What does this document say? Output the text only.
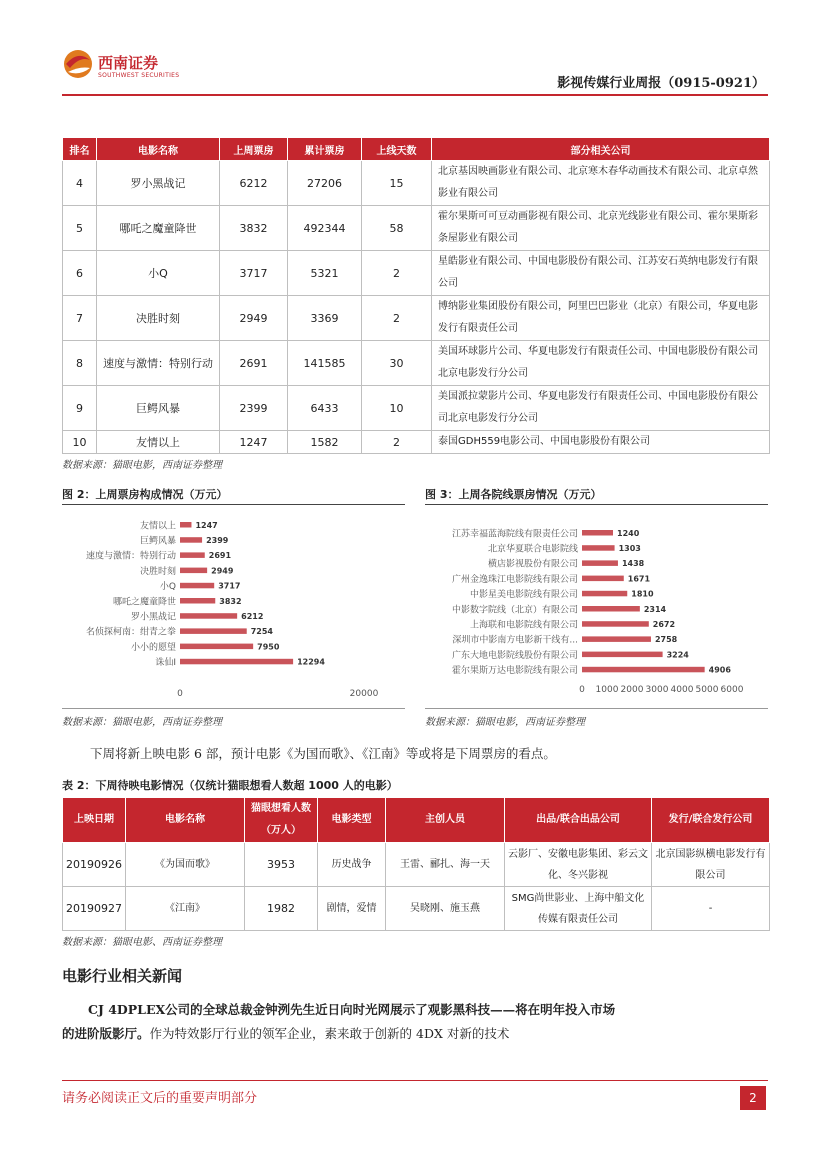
西南证券
SOUTHWEST SECURITIES
影视传媒行业周报（0915-0921）
排名	电影名称	上周票房	累计票房	上线天数	部分相关公司
4	罗小黑战记	6212	27206	15	北京基因映画影业有限公司、北京寒木春华动画技术有限公司、北京卓然影业有限公司
5	哪吒之魔童降世	3832	492344	58	霍尔果斯可可豆动画影视有限公司、北京光线影业有限公司、霍尔果斯彩条屋影业有限公司
6	小Q	3717	5321	2	星皓影业有限公司、中国电影股份有限公司、江苏安石英纳电影发行有限公司
7	决胜时刻	2949	3369	2	博纳影业集团股份有限公司，阿里巴巴影业（北京）有限公司，华夏电影发行有限责任公司
8	速度与激情：特别行动	2691	141585	30	美国环球影片公司、华夏电影发行有限责任公司、中国电影股份有限公司北京电影发行分公司
9	巨鳄风暴	2399	6433	10	美国派拉蒙影片公司、华夏电影发行有限责任公司、中国电影股份有限公司北京电影发行分公司
10	友情以上	1247	1582	2	泰国GDH559电影公司、中国电影股份有限公司
数据来源：猫眼电影，西南证券整理
图 2：上周票房构成情况（万元）
友情以上 1247
巨鳄风暴	2399
速度与激情：特别行动	2691
决胜时刻	2949
小Q	3717
哪吒之魔童降世	3832
罗小黑战记	6212
名侦探柯南：绀青之拳	7254
小小的愿望	7950
诛仙Ⅰ	12294
0	20000
数据来源：猫眼电影，西南证券整理
图 3：上周各院线票房情况（万元）
江苏幸福蓝海院线有限责任公司	1240
北京华夏联合电影院线	1303
横店影视股份有限公司	1438
广州金逸珠江电影院线有限公司	1671
中影星美电影院线有限公司	1810
中影数字院线（北京）有限公司	2314
上海联和电影院线有限公司	2672
深圳市中影南方电影新干线有...	2758
广东大地电影院线股份有限公司	3224
霍尔果斯万达电影院线有限公司	4906
0 1000 2000 3000 4000 5000 6000
数据来源：猫眼电影，西南证券整理
下周将新上映电影 6 部，预计电影《为国而歌》、《江南》等或将是下周票房的看点。
表 2：下周待映电影情况（仅统计猫眼想看人数超 1000 人的电影）
上映日期	电影名称	猫眼想看人数（万人）	电影类型	主创人员	出品/联合出品公司	发行/联合发行公司
20190926	《为国而歌》	3953	历史战争	王雷、郦扎、海一天	云影厂、安徽电影集团、彩云文化、冬兴影视	北京国影纵横电影发行有限公司
20190927	《江南》	1982	剧情，爱情	吴晓刚、施玉燕	SMG尚世影业、上海中船文化传媒有限责任公司	-
数据来源：猫眼电影、西南证券整理
电影行业相关新闻
CJ 4DPLEX公司的全球总裁金钟洌先生近日向时光网展示了观影黑科技——将在明年投入市场的进阶版影厅。作为特效影厅行业的领军企业，素来敢于创新的 4DX 对新的技术
请务必阅读正文后的重要声明部分	2
